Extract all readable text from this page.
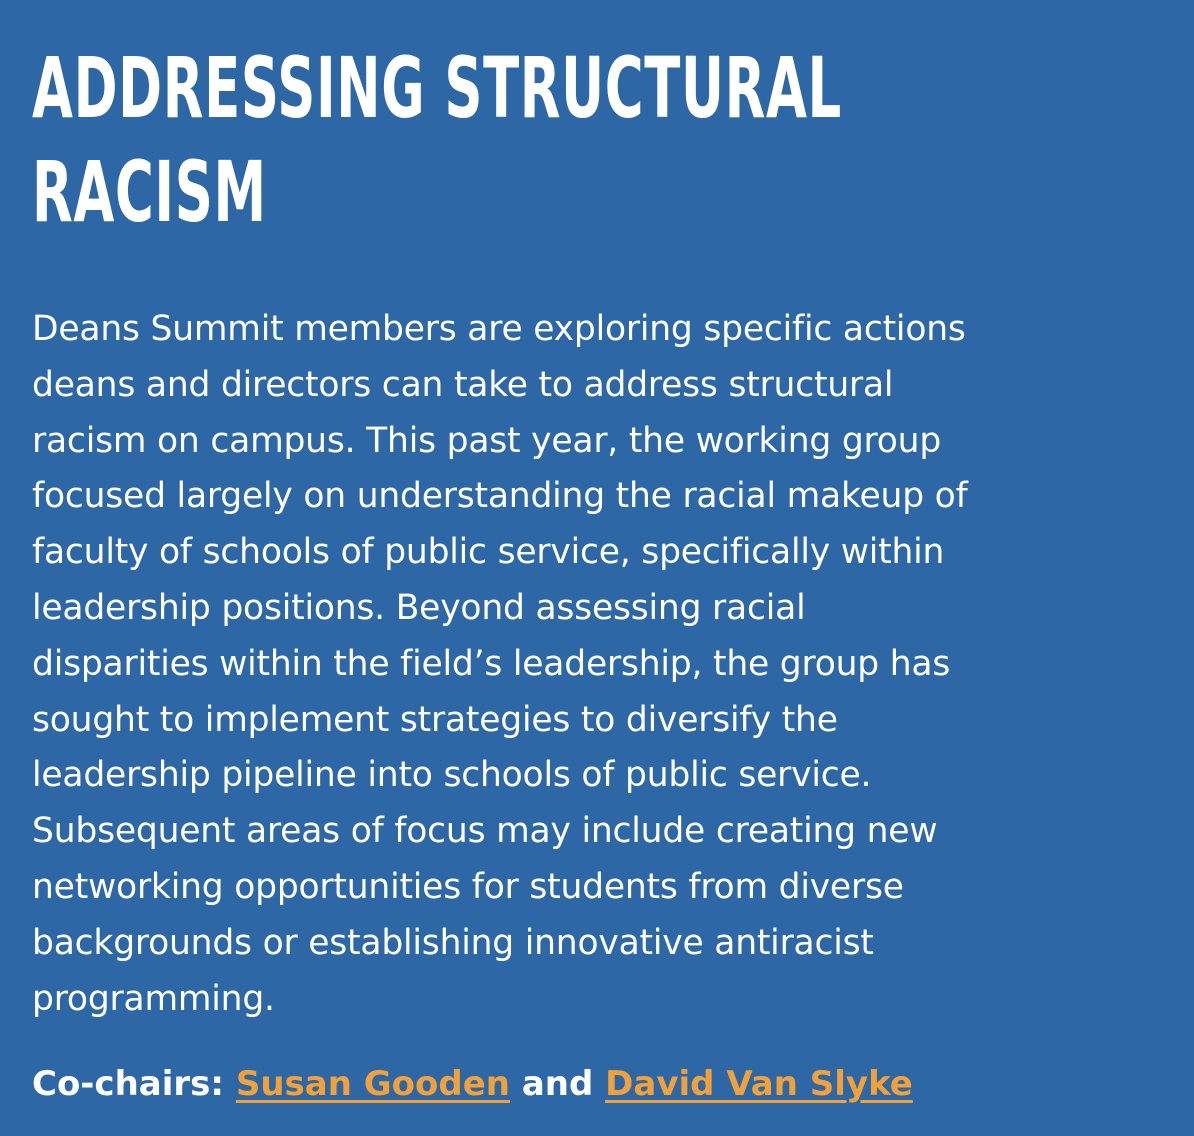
ADDRESSING STRUCTURAL RACISM

Deans Summit members are exploring specific actions
deans and directors can take to address structural
racism on campus. This past year, the working group
focused largely on understanding the racial makeup of
faculty of schools of public service, specifically within
leadership positions. Beyond assessing racial
disparities within the field’s leadership, the group has
sought to implement strategies to diversify the
leadership pipeline into schools of public service.
Subsequent areas of focus may include creating new
networking opportunities for students from diverse
backgrounds or establishing innovative antiracist
programming.

Co-chairs: Susan Gooden and David Van Slyke
